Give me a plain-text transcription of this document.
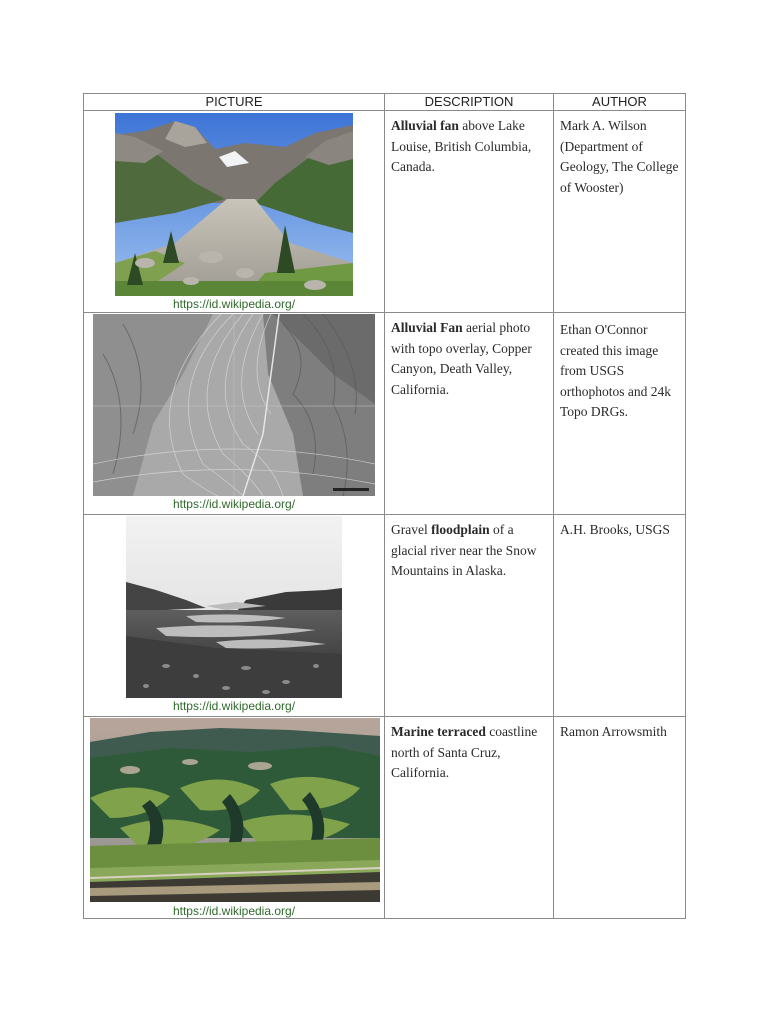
PICTURE	DESCRIPTION	AUTHOR

https://id.wikipedia.org/	Alluvial fan above Lake Louise, British Columbia, Canada.	Mark A. Wilson (Department of Geology, The College of Wooster)

https://id.wikipedia.org/	Alluvial Fan aerial photo with topo overlay, Copper Canyon, Death Valley, California.	Ethan O'Connor created this image from USGS orthophotos and 24k Topo DRGs.

https://id.wikipedia.org/	Gravel floodplain of a glacial river near the Snow Mountains in Alaska.	A.H. Brooks, USGS

https://id.wikipedia.org/	Marine terraced coastline north of Santa Cruz, California.	Ramon Arrowsmith
